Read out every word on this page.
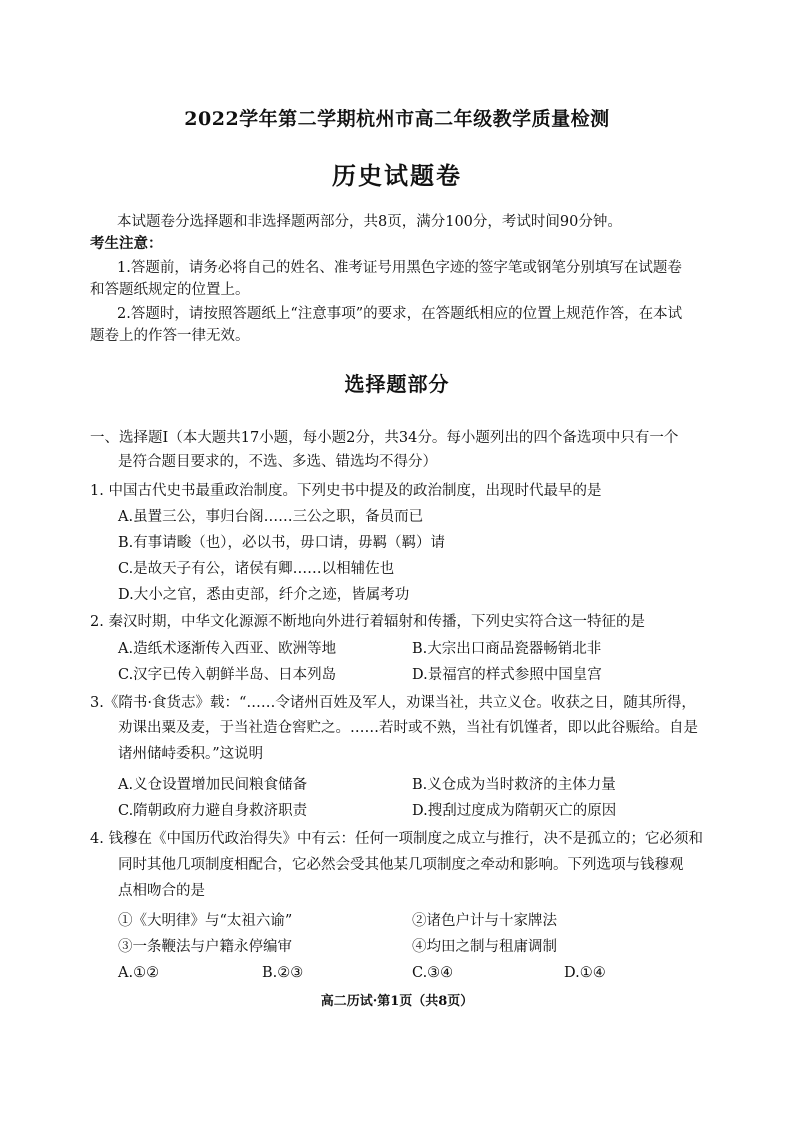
2022学年第二学期杭州市高二年级教学质量检测
历史试题卷
本试题卷分选择题和非选择题两部分，共8页，满分100分，考试时间90分钟。
考生注意：
1.答题前，请务必将自己的姓名、准考证号用黑色字迹的签字笔或钢笔分别填写在试题卷
和答题纸规定的位置上。
2.答题时，请按照答题纸上“注意事项”的要求，在答题纸相应的位置上规范作答，在本试
题卷上的作答一律无效。
选择题部分
一、选择题Ⅰ（本大题共17小题，每小题2分，共34分。每小题列出的四个备选项中只有一个
是符合题目要求的，不选、多选、错选均不得分）
1. 中国古代史书最重政治制度。下列史书中提及的政治制度，出现时代最早的是
A.虽置三公，事归台阁……三公之职，备员而已
B.有事请畯（也），必以书，毋口请，毋羁（羁）请
C.是故天子有公，诸侯有卿……以相辅佐也
D.大小之官，悉由吏部，纤介之迹，皆属考功
2. 秦汉时期，中华文化源源不断地向外进行着辐射和传播，下列史实符合这一特征的是
A.造纸术逐渐传入西亚、欧洲等地	B.大宗出口商品瓷器畅销北非
C.汉字已传入朝鲜半岛、日本列岛	D.景福宫的样式参照中国皇宫
3.《隋书·食货志》载：“……令诸州百姓及军人，劝课当社，共立义仓。收获之日，随其所得，
劝课出粟及麦，于当社造仓窖贮之。……若时或不熟，当社有饥馑者，即以此谷赈给。自是
诸州储峙委积。”这说明
A.义仓设置增加民间粮食储备	B.义仓成为当时救济的主体力量
C.隋朝政府力避自身救济职责	D.搜刮过度成为隋朝灭亡的原因
4. 钱穆在《中国历代政治得失》中有云：任何一项制度之成立与推行，决不是孤立的；它必须和
同时其他几项制度相配合，它必然会受其他某几项制度之牵动和影响。下列选项与钱穆观
点相吻合的是
①《大明律》与“太祖六谕”	②诸色户计与十家牌法
③一条鞭法与户籍永停编审	④均田之制与租庸调制
A.①②	B.②③	C.③④	D.①④
高二历试·第1页（共8页）
